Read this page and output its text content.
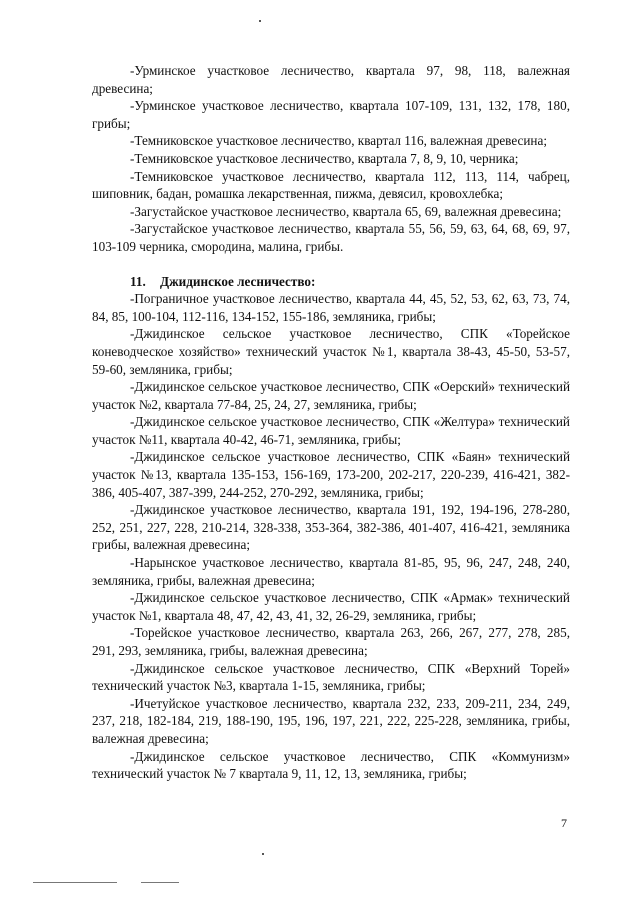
-Урминское участковое лесничество, квартала 97, 98, 118, валежная древесина;

-Урминское участковое лесничество, квартала 107-109, 131, 132, 178, 180, грибы;

-Темниковское участковое лесничество, квартал 116, валежная древесина;

-Темниковское участковое лесничество, квартала 7, 8, 9, 10, черника;

-Темниковское участковое лесничество, квартала 112, 113, 114, чабрец, шиповник, бадан, ромашка лекарственная, пижма, девясил, кровохлебка;

-Загустайское участковое лесничество, квартала 65, 69, валежная древесина;

-Загустайское участковое лесничество, квартала 55, 56, 59, 63, 64, 68, 69, 97, 103-109 черника, смородина, малина, грибы.

11. Джидинское лесничество:

-Пограничное участковое лесничество, квартала 44, 45, 52, 53, 62, 63, 73, 74, 84, 85, 100-104, 112-116, 134-152, 155-186, земляника, грибы;

-Джидинское сельское участковое лесничество, СПК «Торейское коневодческое хозяйство» технический участок №1, квартала 38-43, 45-50, 53-57, 59-60, земляника, грибы;

-Джидинское сельское участковое лесничество, СПК «Оерский» технический участок №2, квартала 77-84, 25, 24, 27, земляника, грибы;

-Джидинское сельское участковое лесничество, СПК «Желтура» технический участок №11, квартала 40-42, 46-71, земляника, грибы;

-Джидинское сельское участковое лесничество, СПК «Баян» технический участок №13, квартала 135-153, 156-169, 173-200, 202-217, 220-239, 416-421, 382-386, 405-407, 387-399, 244-252, 270-292, земляника, грибы;

-Джидинское участковое лесничество, квартала 191, 192, 194-196, 278-280, 252, 251, 227, 228, 210-214, 328-338, 353-364, 382-386, 401-407, 416-421, земляника грибы, валежная древесина;

-Нарынское участковое лесничество, квартала 81-85, 95, 96, 247, 248, 240, земляника, грибы, валежная древесина;

-Джидинское сельское участковое лесничество, СПК «Армак» технический участок №1, квартала 48, 47, 42, 43, 41, 32, 26-29, земляника, грибы;

-Торейское участковое лесничество, квартала 263, 266, 267, 277, 278, 285, 291, 293, земляника, грибы, валежная древесина;

-Джидинское сельское участковое лесничество, СПК «Верхний Торей» технический участок №3, квартала 1-15, земляника, грибы;

-Ичетуйское участковое лесничество, квартала 232, 233, 209-211, 234, 249, 237, 218, 182-184, 219, 188-190, 195, 196, 197, 221, 222, 225-228, земляника, грибы, валежная древесина;

-Джидинское сельское участковое лесничество, СПК «Коммунизм» технический участок № 7 квартала 9, 11, 12, 13, земляника, грибы;

7
